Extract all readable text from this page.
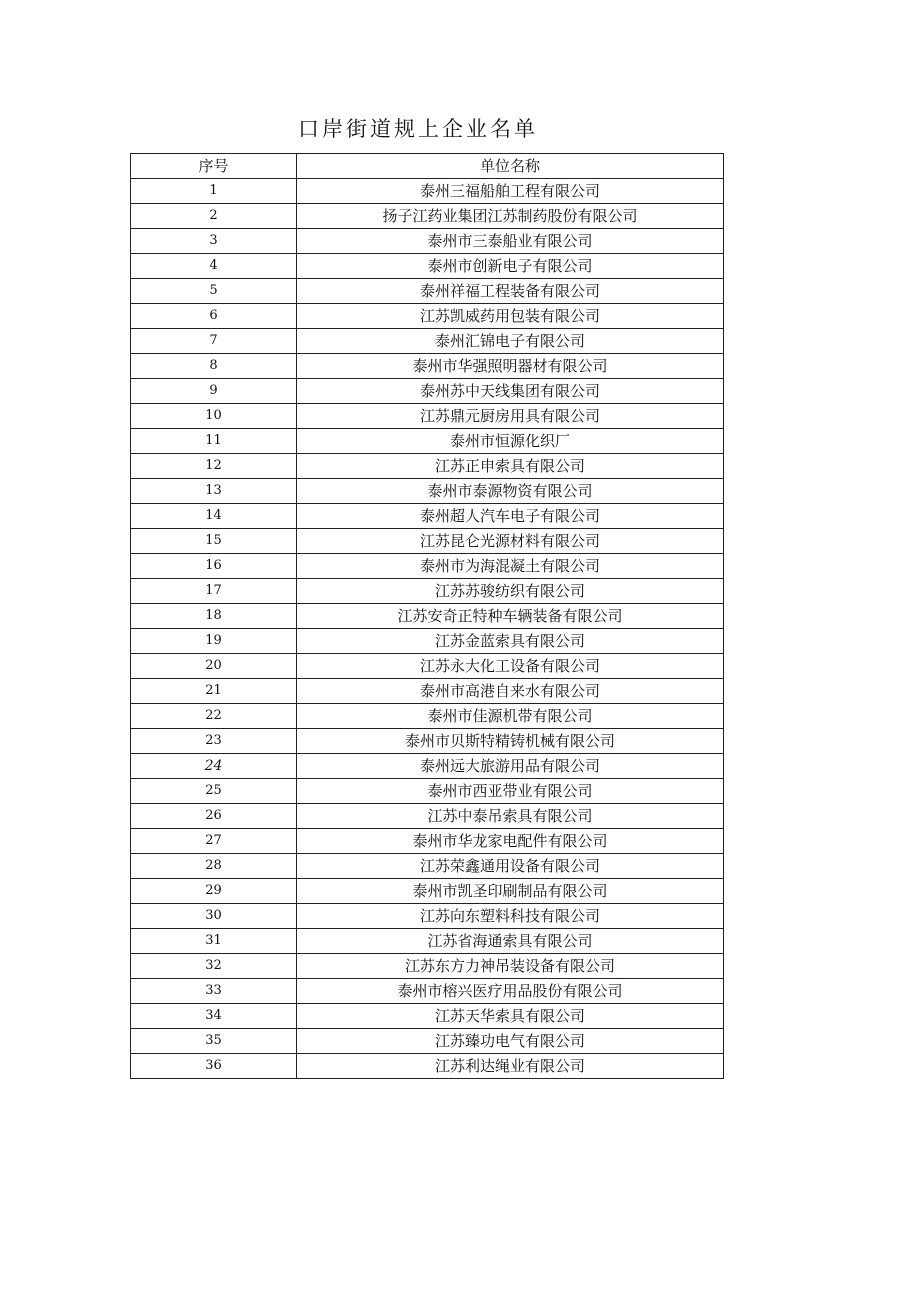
口岸街道规上企业名单
序号	单位名称
1	泰州三福船舶工程有限公司
2	扬子江药业集团江苏制药股份有限公司
3	泰州市三泰船业有限公司
4	泰州市创新电子有限公司
5	泰州祥福工程装备有限公司
6	江苏凯威药用包装有限公司
7	泰州汇锦电子有限公司
8	泰州市华强照明器材有限公司
9	泰州苏中天线集团有限公司
10	江苏鼎元厨房用具有限公司
11	泰州市恒源化织厂
12	江苏正申索具有限公司
13	泰州市泰源物资有限公司
14	泰州超人汽车电子有限公司
15	江苏昆仑光源材料有限公司
16	泰州市为海混凝土有限公司
17	江苏苏骏纺织有限公司
18	江苏安奇正特种车辆装备有限公司
19	江苏金蓝索具有限公司
20	江苏永大化工设备有限公司
21	泰州市高港自来水有限公司
22	泰州市佳源机带有限公司
23	泰州市贝斯特精铸机械有限公司
24	泰州远大旅游用品有限公司
25	泰州市西亚带业有限公司
26	江苏中泰吊索具有限公司
27	泰州市华龙家电配件有限公司
28	江苏荣鑫通用设备有限公司
29	泰州市凯圣印刷制品有限公司
30	江苏向东塑料科技有限公司
31	江苏省海通索具有限公司
32	江苏东方力神吊装设备有限公司
33	泰州市榕兴医疗用品股份有限公司
34	江苏天华索具有限公司
35	江苏臻功电气有限公司
36	江苏利达绳业有限公司
